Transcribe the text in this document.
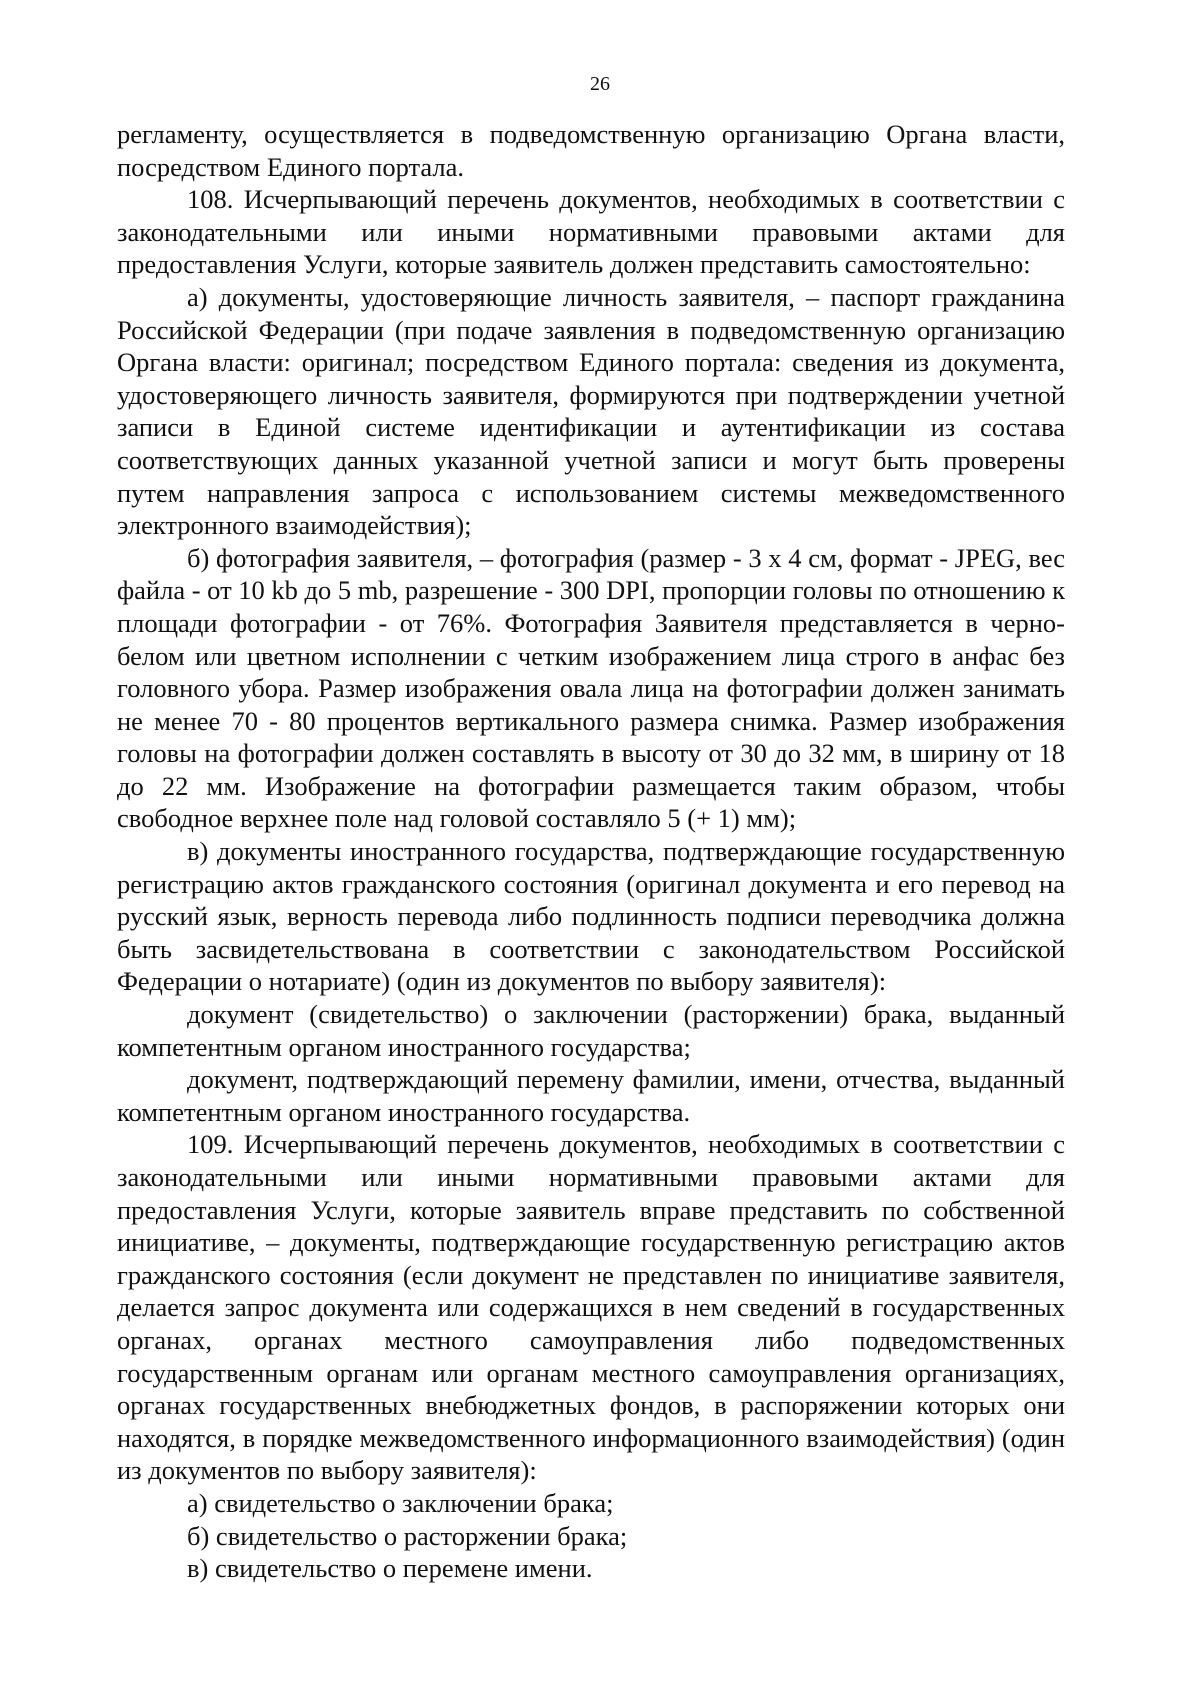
26

регламенту, осуществляется в подведомственную организацию Органа власти, посредством Единого портала.

108. Исчерпывающий перечень документов, необходимых в соответствии с законодательными или иными нормативными правовыми актами для предоставления Услуги, которые заявитель должен представить самостоятельно:

а) документы, удостоверяющие личность заявителя, – паспорт гражданина Российской Федерации (при подаче заявления в подведомственную организацию Органа власти: оригинал; посредством Единого портала: сведения из документа, удостоверяющего личность заявителя, формируются при подтверждении учетной записи в Единой системе идентификации и аутентификации из состава соответствующих данных указанной учетной записи и могут быть проверены путем направления запроса с использованием системы межведомственного электронного взаимодействия);

б) фотография заявителя, – фотография (размер - 3 х 4 см, формат - JPEG, вес файла - от 10 kb до 5 mb, разрешение - 300 DPI, пропорции головы по отношению к площади фотографии - от 76%. Фотография Заявителя представляется в черно-белом или цветном исполнении с четким изображением лица строго в анфас без головного убора. Размер изображения овала лица на фотографии должен занимать не менее 70 - 80 процентов вертикального размера снимка. Размер изображения головы на фотографии должен составлять в высоту от 30 до 32 мм, в ширину от 18 до 22 мм. Изображение на фотографии размещается таким образом, чтобы свободное верхнее поле над головой составляло 5 (+ 1) мм);

в) документы иностранного государства, подтверждающие государственную регистрацию актов гражданского состояния (оригинал документа и его перевод на русский язык, верность перевода либо подлинность подписи переводчика должна быть засвидетельствована в соответствии с законодательством Российской Федерации о нотариате) (один из документов по выбору заявителя):

документ (свидетельство) о заключении (расторжении) брака, выданный компетентным органом иностранного государства;

документ, подтверждающий перемену фамилии, имени, отчества, выданный компетентным органом иностранного государства.

109. Исчерпывающий перечень документов, необходимых в соответствии с законодательными или иными нормативными правовыми актами для предоставления Услуги, которые заявитель вправе представить по собственной инициативе, – документы, подтверждающие государственную регистрацию актов гражданского состояния (если документ не представлен по инициативе заявителя, делается запрос документа или содержащихся в нем сведений в государственных органах, органах местного самоуправления либо подведомственных государственным органам или органам местного самоуправления организациях, органах государственных внебюджетных фондов, в распоряжении которых они находятся, в порядке межведомственного информационного взаимодействия) (один из документов по выбору заявителя):

а) свидетельство о заключении брака;

б) свидетельство о расторжении брака;

в) свидетельство о перемене имени.
